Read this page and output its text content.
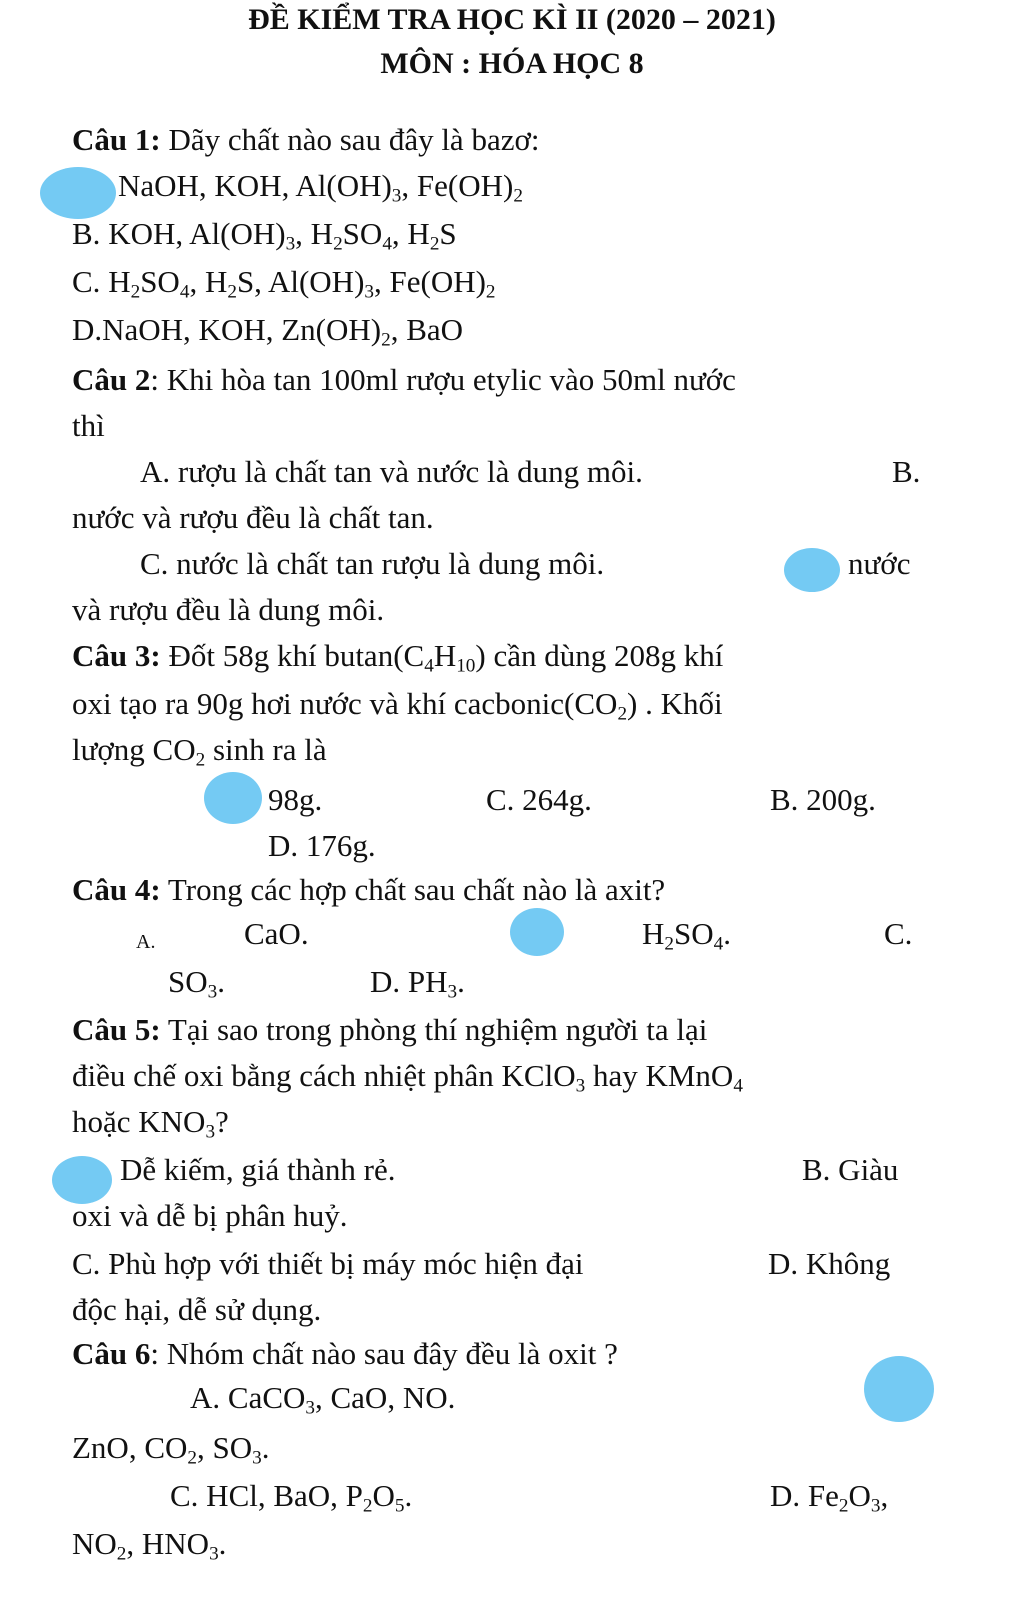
ĐỀ KIỂM TRA HỌC KÌ II (2020 – 2021)
MÔN : HÓA HỌC 8
Câu 1: Dãy chất nào sau đây là bazơ:
NaOH, KOH, $Al(OH)_3$, $Fe(OH)_2$
B. KOH, $Al(OH)_3$, $H_2SO_4$, $H_2S$
C. $H_2SO_4$, $H_2S$, $Al(OH)_3$, $Fe(OH)_2$
D.NaOH, KOH, $Zn(OH)_2$, BaO
Câu 2: Khi hòa tan 100ml rượu etylic vào 50ml nước
thì
A. rượu là chất tan và nước là dung môi.	B.
nước và rượu đều là chất tan.
C. nước là chất tan rượu là dung môi.	nước
và rượu đều là dung môi.
Câu 3: Đốt 58g khí $butan(C_4H_{10})$ cần dùng 208g khí
oxi tạo ra 90g hơi nước và khí $cacbonic(CO_2)$ . Khối
lượng $CO_2$ sinh ra là
98g.	C. 264g.	B. 200g.
D. 176g.
Câu 4: Trong các hợp chất sau chất nào là axit?
A.	CaO.	$H_2SO_4$.	C.
$SO_3$.	D. $PH_3$.
Câu 5: Tại sao trong phòng thí nghiệm người ta lại
điều chế oxi bằng cách nhiệt phân KClO$_3$ hay KMnO$_4$
hoặc $KNO_3$?
Dễ kiếm, giá thành rẻ.	B. Giàu
oxi và dễ bị phân huỷ.
C. Phù hợp với thiết bị máy móc hiện đại	D. Không
độc hại, dễ sử dụng.
Câu 6: Nhóm chất nào sau đây đều là oxit ?
A. CaCO$_3$, CaO, NO.
ZnO, $CO_2$, $SO_3$.
C. HCl, BaO, $P_2O_5$.	D. $Fe_2O_3$,
$NO_2$, $HNO_3$.
